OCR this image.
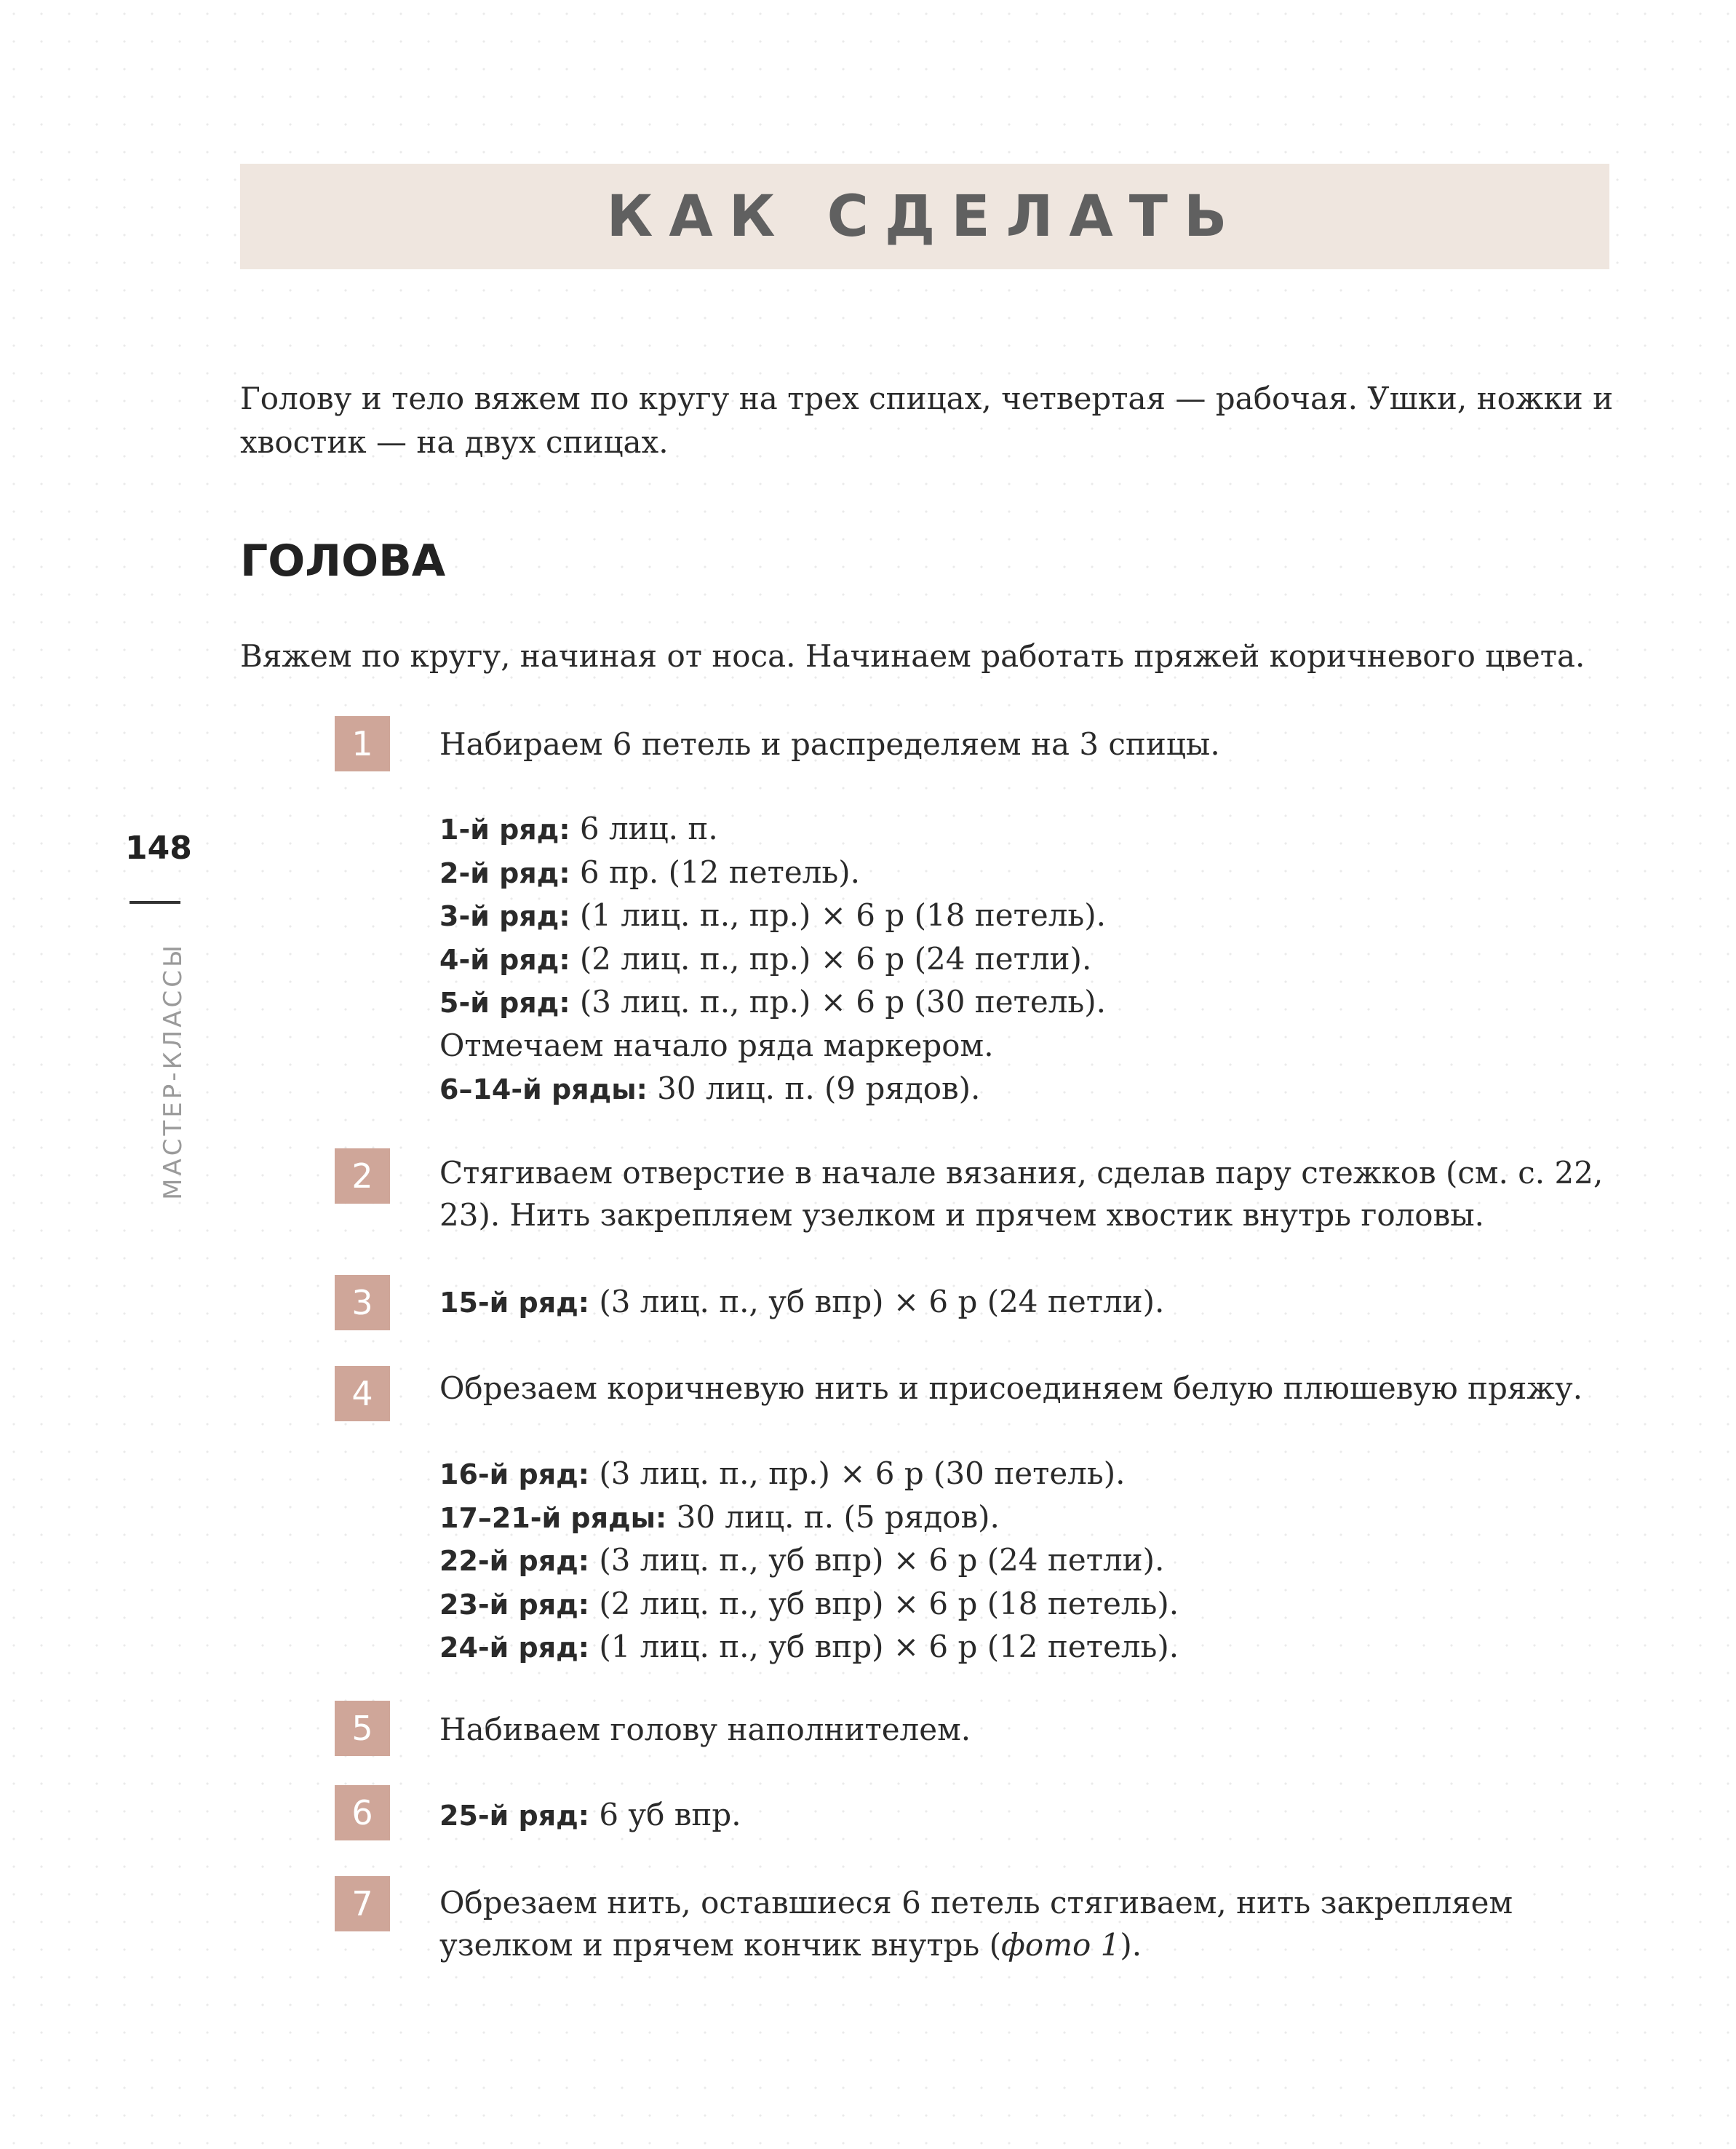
КАК СДЕЛАТЬ

Голову и тело вяжем по кругу на трех спицах, четвертая — рабочая. Ушки, ножки и хвостик — на двух спицах.

ГОЛОВА

Вяжем по кругу, начиная от носа. Начинаем работать пряжей коричневого цвета.

1	Набираем 6 петель и распределяем на 3 спицы.

1-й ряд: 6 лиц. п.
2-й ряд: 6 пр. (12 петель).
3-й ряд: (1 лиц. п., пр.) × 6 р (18 петель).
4-й ряд: (2 лиц. п., пр.) × 6 р (24 петли).
5-й ряд: (3 лиц. п., пр.) × 6 р (30 петель).
Отмечаем начало ряда маркером.
6–14-й ряды: 30 лиц. п. (9 рядов).
2	Стягиваем отверстие в начале вязания, сделав пару стежков (см. с. 22, 23). Нить закрепляем узелком и прячем хвостик внутрь головы.

3	15-й ряд: (3 лиц. п., уб впр) × 6 р (24 петли).

4	Обрезаем коричневую нить и присоединяем белую плюшевую пряжу.

16-й ряд: (3 лиц. п., пр.) × 6 р (30 петель).
17–21-й ряды: 30 лиц. п. (5 рядов).
22-й ряд: (3 лиц. п., уб впр) × 6 р (24 петли).
23-й ряд: (2 лиц. п., уб впр) × 6 р (18 петель).
24-й ряд: (1 лиц. п., уб впр) × 6 р (12 петель).
5	Набиваем голову наполнителем.

6	25-й ряд: 6 уб впр.

7	Обрезаем нить, оставшиеся 6 петель стягиваем, нить закрепляем узелком и прячем кончик внутрь (фото 1).

148
МАСТЕР-КЛАССЫ
